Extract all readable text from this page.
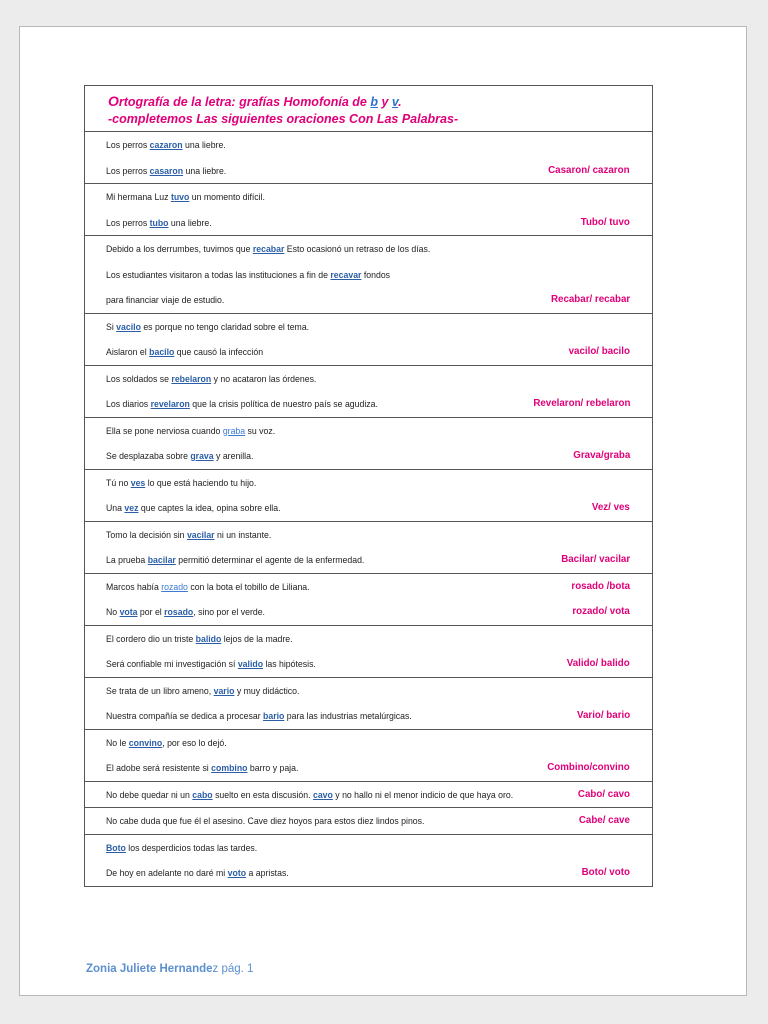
Ortografía de la letra: grafías Homofonía de b y v.
-completemos Las siguientes oraciones Con Las Palabras-
Los perros cazaron una liebre.
Los perros casaron una liebre.	Casaron/ cazaron
Mi hermana Luz tuvo un momento difícil.
Los perros tubo una liebre.	Tubo/ tuvo
Debido a los derrumbes, tuvimos que recabar Esto ocasionó un retraso de los días.
Los estudiantes visitaron a todas las instituciones a fin de recavar fondos
para financiar viaje de estudio.	Recabar/ recabar
Si vacilo es porque no tengo claridad sobre el tema.
Aislaron el bacilo que causó la infección	vacilo/ bacilo
Los soldados se rebelaron y no acataron las órdenes.
Los diarios revelaron que la crisis política de nuestro país se agudiza.	Revelaron/ rebelaron
Ella se pone nerviosa cuando graba su voz.
Se desplazaba sobre grava y arenilla.	Grava/graba
Tú no ves lo que está haciendo tu hijo.
Una vez que captes la idea, opina sobre ella.	Vez/ ves
Tomo la decisión sin vacilar ni un instante.
La prueba bacilar permitió determinar el agente de la enfermedad.	Bacilar/ vacilar
Marcos había rozado con la bota el tobillo de Liliana.	rosado /bota
No vota por el rosado, sino por el verde.	rozado/ vota
El cordero dio un triste balido lejos de la madre.
Será confiable mi investigación sí valido las hipótesis.	Valido/ balido
Se trata de un libro ameno, vario y muy didáctico.
Nuestra compañía se dedica a procesar bario para las industrias metalúrgicas.	Vario/ bario
No le convino, por eso lo dejó.
El adobe será resistente si combino barro y paja.	Combino/convino
No debe quedar ni un cabo suelto en esta discusión. cavo y no hallo ni el menor indicio de que haya oro.	Cabo/ cavo
No cabe duda que fue él el asesino. Cave diez hoyos para estos diez lindos pinos.	Cabe/ cave
Boto los desperdicios todas las tardes.
De hoy en adelante no daré mi voto a apristas.	Boto/ voto
Zonia Juliete Hernandez pág. 1
